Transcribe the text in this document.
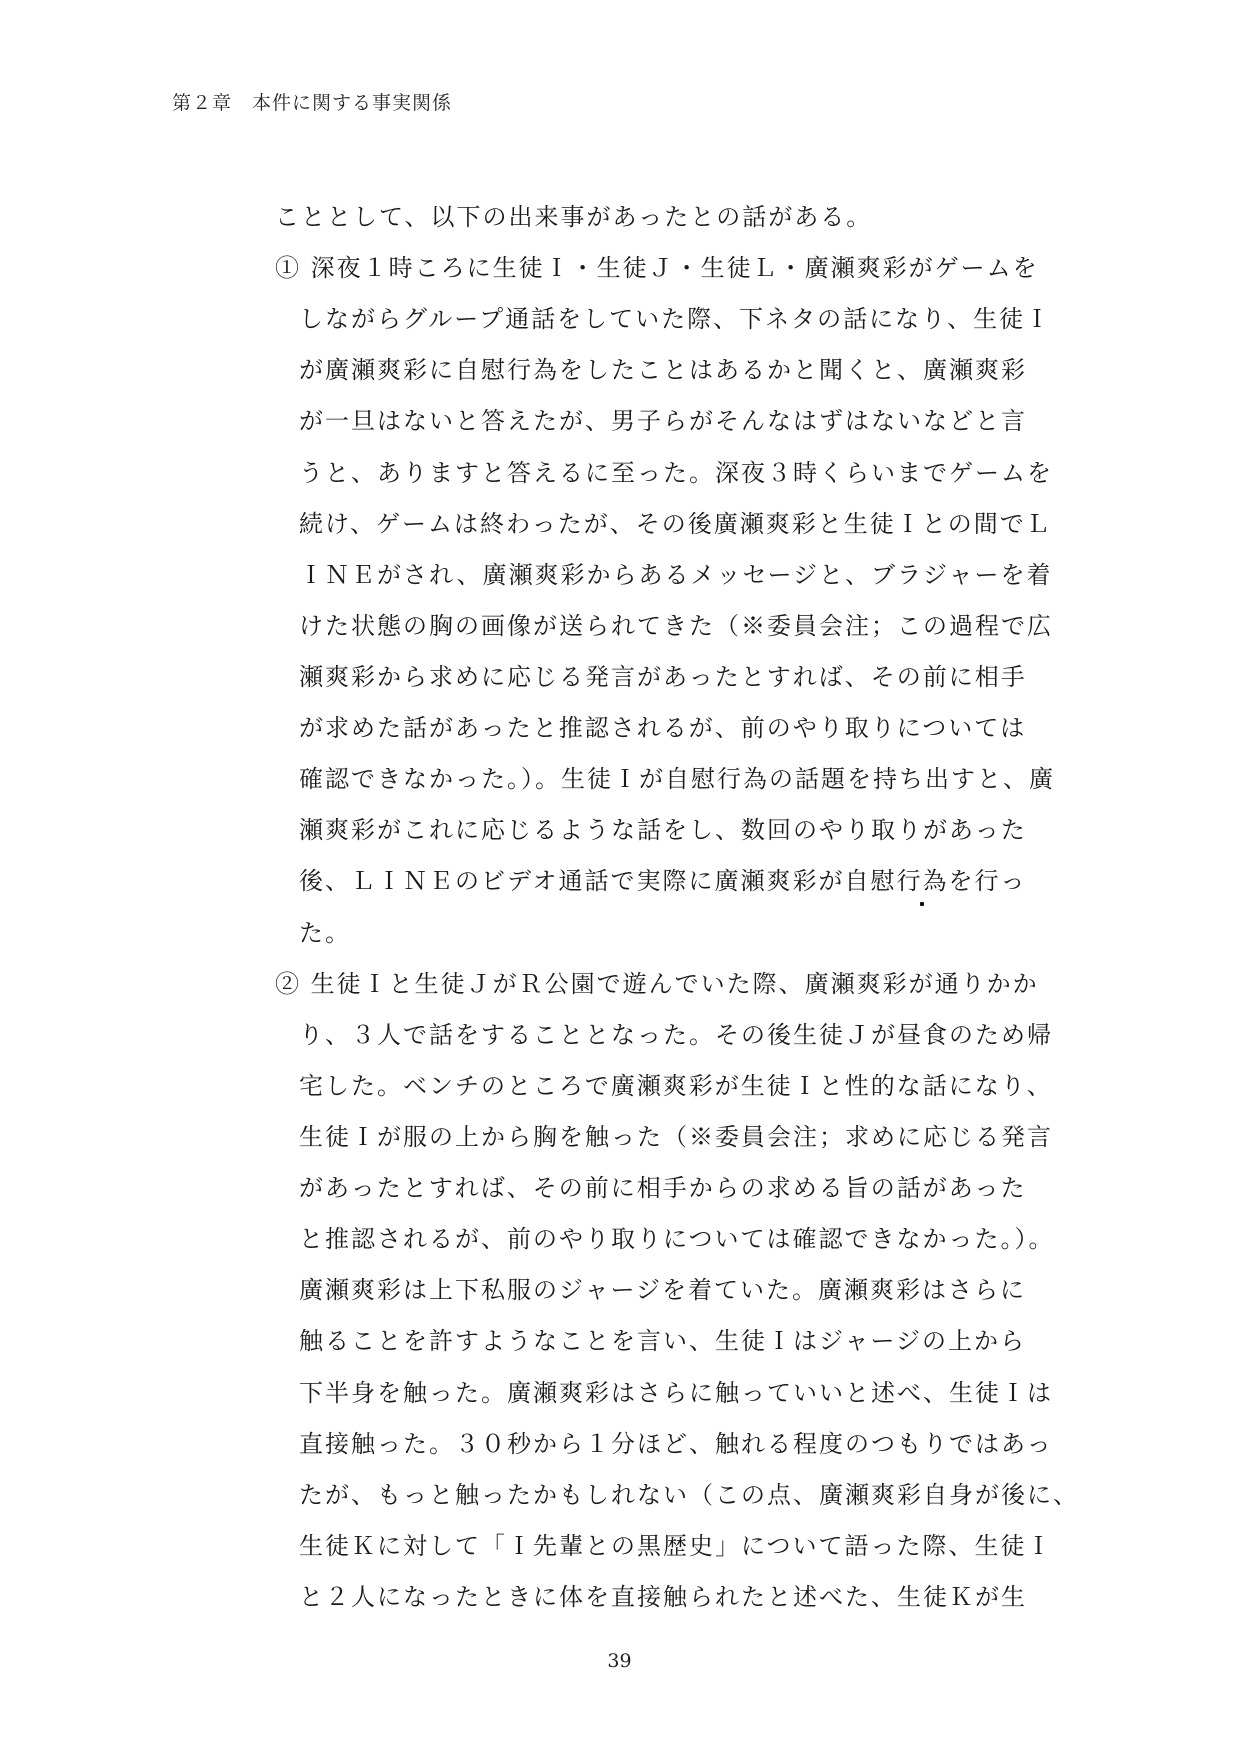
第２章　本件に関する事実関係
こととして、以下の出来事があったとの話がある。
① 深夜１時ころに生徒Ｉ・生徒Ｊ・生徒Ｌ・廣瀬爽彩がゲームを
しながらグループ通話をしていた際、下ネタの話になり、生徒Ｉ
が廣瀬爽彩に自慰行為をしたことはあるかと聞くと、廣瀬爽彩
が一旦はないと答えたが、男子らがそんなはずはないなどと言
うと、ありますと答えるに至った。深夜３時くらいまでゲームを
続け、ゲームは終わったが、その後廣瀬爽彩と生徒Ｉとの間でＬ
ＩＮＥがされ、廣瀬爽彩からあるメッセージと、ブラジャーを着
けた状態の胸の画像が送られてきた（※委員会注；この過程で広
瀬爽彩から求めに応じる発言があったとすれば、その前に相手
が求めた話があったと推認されるが、前のやり取りについては
確認できなかった。）。生徒Ｉが自慰行為の話題を持ち出すと、廣
瀬爽彩がこれに応じるような話をし、数回のやり取りがあった
後、ＬＩＮＥのビデオ通話で実際に廣瀬爽彩が自慰行為を行っ
た。
② 生徒Ｉと生徒ＪがＲ公園で遊んでいた際、廣瀬爽彩が通りかか
り、３人で話をすることとなった。その後生徒Ｊが昼食のため帰
宅した。ベンチのところで廣瀬爽彩が生徒Ｉと性的な話になり、
生徒Ｉが服の上から胸を触った（※委員会注；求めに応じる発言
があったとすれば、その前に相手からの求める旨の話があった
と推認されるが、前のやり取りについては確認できなかった。）。
廣瀬爽彩は上下私服のジャージを着ていた。廣瀬爽彩はさらに
触ることを許すようなことを言い、生徒Ｉはジャージの上から
下半身を触った。廣瀬爽彩はさらに触っていいと述べ、生徒Ｉは
直接触った。３０秒から１分ほど、触れる程度のつもりではあっ
たが、もっと触ったかもしれない（この点、廣瀬爽彩自身が後に、
生徒Ｋに対して「Ｉ先輩との黒歴史」について語った際、生徒Ｉ
と２人になったときに体を直接触られたと述べた、生徒Ｋが生
39
